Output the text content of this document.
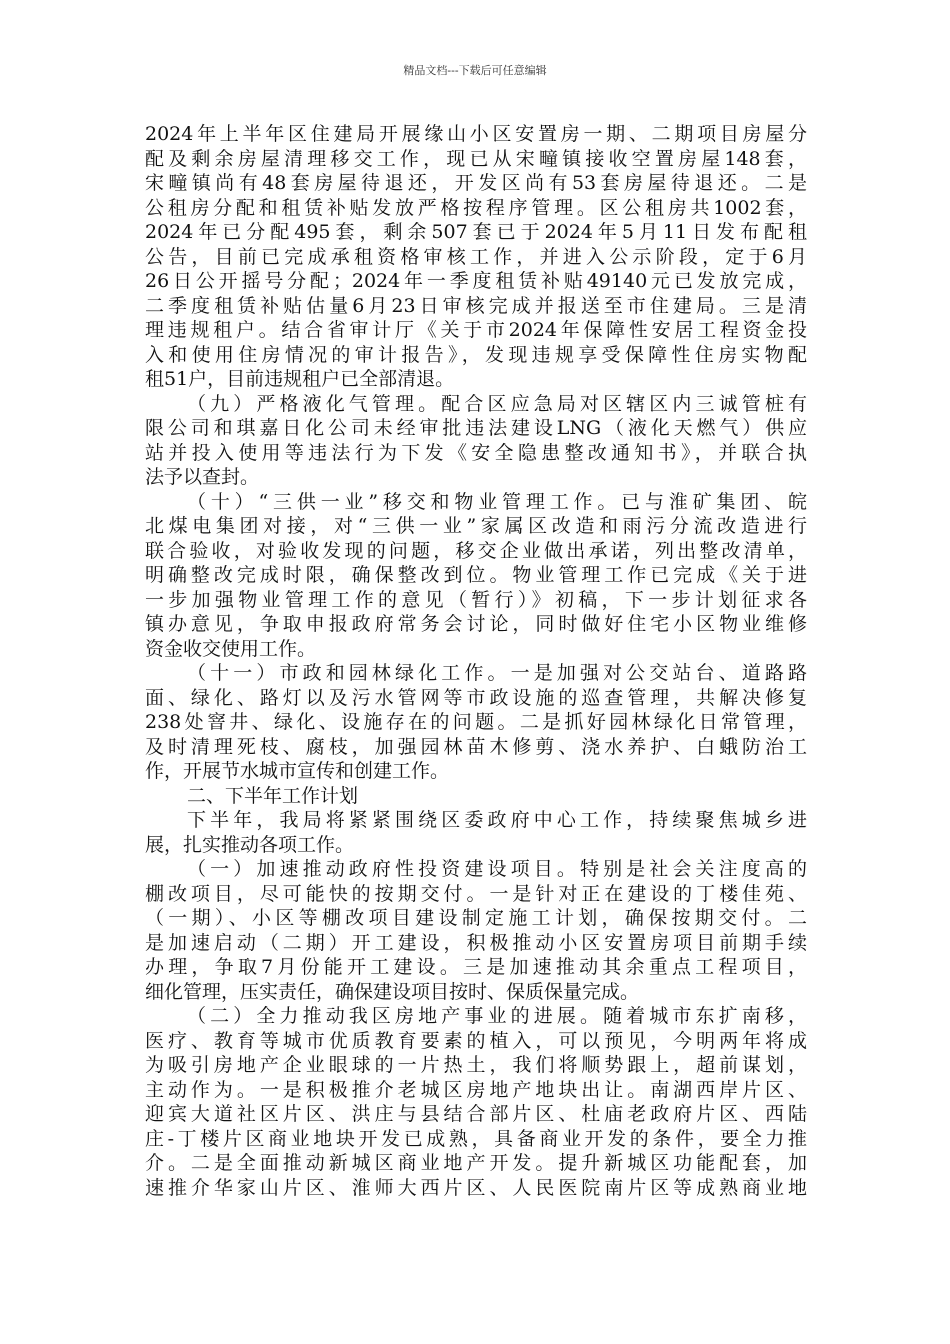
精品文档---下载后可任意编辑
2024年上半年区住建局开展缘山小区安置房一期、二期项目房屋分
配及剩余房屋清理移交工作，现已从宋疃镇接收空置房屋148套，
宋疃镇尚有48套房屋待退还，开发区尚有53套房屋待退还。二是
公租房分配和租赁补贴发放严格按程序管理。区公租房共1002套，
2024年已分配495套，剩余507套已于2024年5月11日发布配租
公告，目前已完成承租资格审核工作，并进入公示阶段，定于6月
26日公开摇号分配；2024年一季度租赁补贴49140元已发放完成，
二季度租赁补贴估量6月23日审核完成并报送至市住建局。三是清
理违规租户。结合省审计厅《关于市2024年保障性安居工程资金投
入和使用住房情况的审计报告》，发现违规享受保障性住房实物配
租51户，目前违规租户已全部清退。
（九）严格液化气管理。配合区应急局对区辖区内三诚管桩有
限公司和琪嘉日化公司未经审批违法建设LNG（液化天燃气）供应
站并投入使用等违法行为下发《安全隐患整改通知书》，并联合执
法予以查封。
（十）“三供一业”移交和物业管理工作。已与淮矿集团、皖
北煤电集团对接，对“三供一业”家属区改造和雨污分流改造进行
联合验收，对验收发现的问题，移交企业做出承诺，列出整改清单，
明确整改完成时限，确保整改到位。物业管理工作已完成《关于进
一步加强物业管理工作的意见（暂行）》初稿，下一步计划征求各
镇办意见，争取申报政府常务会讨论，同时做好住宅小区物业维修
资金收交使用工作。
（十一）市政和园林绿化工作。一是加强对公交站台、道路路
面、绿化、路灯以及污水管网等市政设施的巡查管理，共解决修复
238处窨井、绿化、设施存在的问题。二是抓好园林绿化日常管理，
及时清理死枝、腐枝，加强园林苗木修剪、浇水养护、白蛾防治工
作，开展节水城市宣传和创建工作。
二、下半年工作计划
下半年，我局将紧紧围绕区委政府中心工作，持续聚焦城乡进
展，扎实推动各项工作。
（一）加速推动政府性投资建设项目。特别是社会关注度高的
棚改项目，尽可能快的按期交付。一是针对正在建设的丁楼佳苑、
（一期）、小区等棚改项目建设制定施工计划，确保按期交付。二
是加速启动（二期）开工建设，积极推动小区安置房项目前期手续
办理，争取7月份能开工建设。三是加速推动其余重点工程项目，
细化管理，压实责任，确保建设项目按时、保质保量完成。
（二）全力推动我区房地产事业的进展。随着城市东扩南移，
医疗、教育等城市优质教育要素的植入，可以预见，今明两年将成
为吸引房地产企业眼球的一片热土，我们将顺势跟上，超前谋划，
主动作为。一是积极推介老城区房地产地块出让。南湖西岸片区、
迎宾大道社区片区、洪庄与县结合部片区、杜庙老政府片区、西陆
庄-丁楼片区商业地块开发已成熟，具备商业开发的条件，要全力推
介。二是全面推动新城区商业地产开发。提升新城区功能配套，加
速推介华家山片区、淮师大西片区、人民医院南片区等成熟商业地
